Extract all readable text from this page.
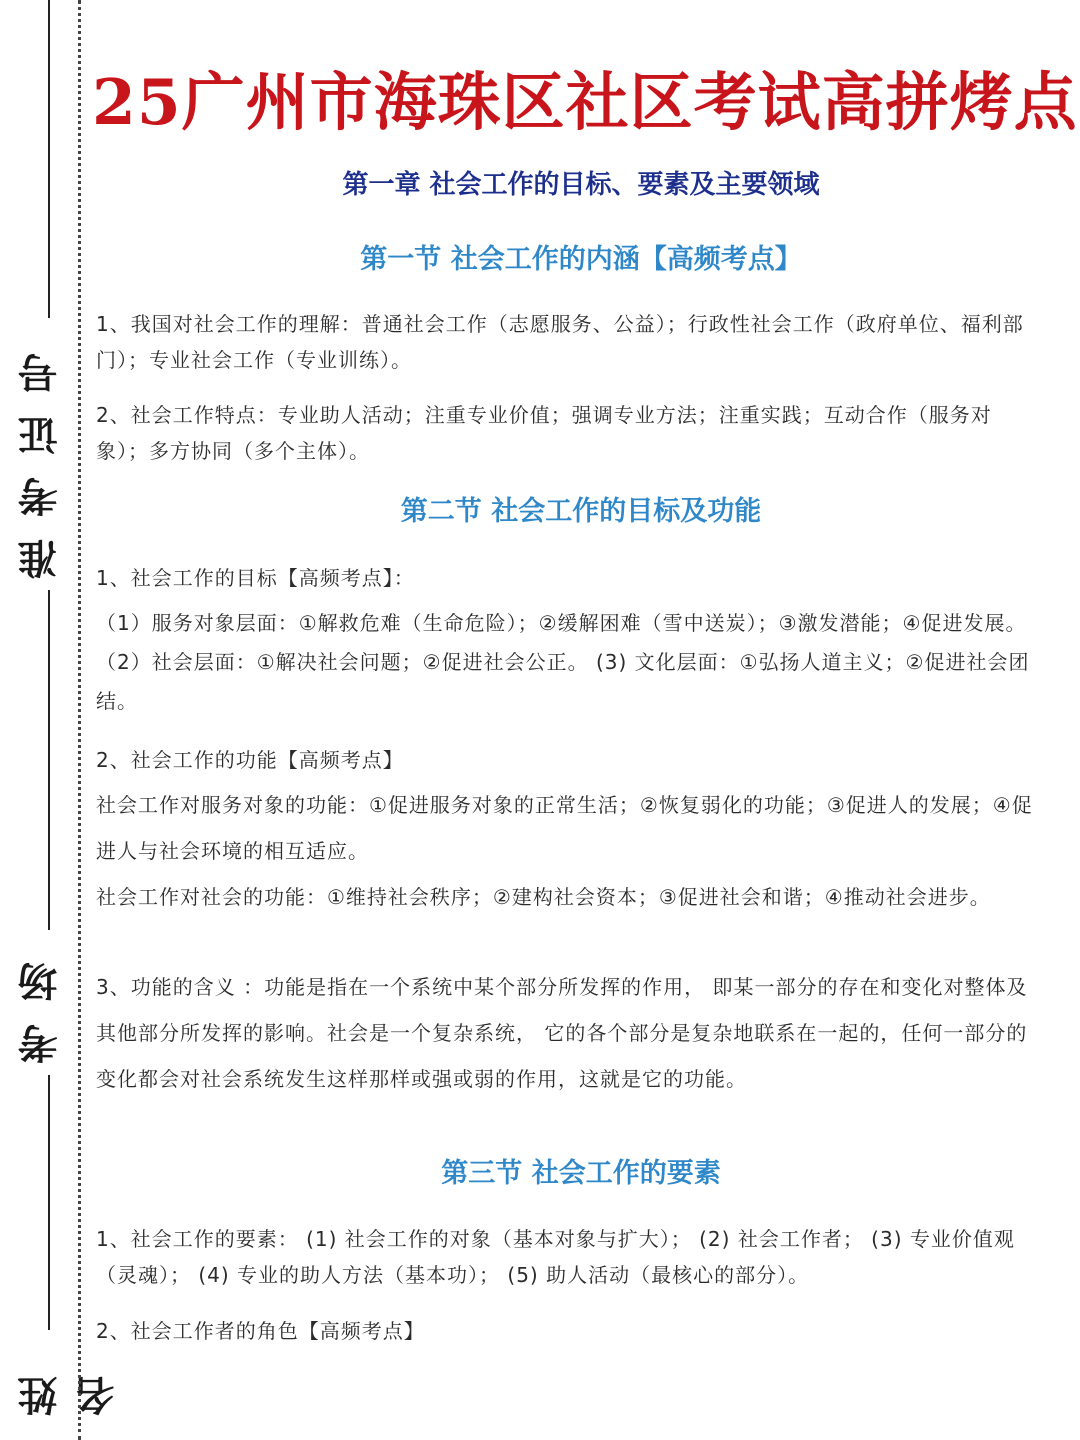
准考证号
考场
姓名
25广州市海珠区社区考试高拼烤点
第一章 社会工作的目标、要素及主要领域
第一节 社会工作的内涵【高频考点】
1、我国对社会工作的理解：普通社会工作（志愿服务、公益）；行政性社会工作（政府单位、福利部门）；专业社会工作（专业训练）。
2、社会工作特点：专业助人活动；注重专业价值；强调专业方法；注重实践；互动合作（服务对象）；多方协同（多个主体）。
第二节 社会工作的目标及功能
1、社会工作的目标【高频考点】：
（1）服务对象层面：①解救危难（生命危险）；②缓解困难（雪中送炭）；③激发潜能；④促进发展。 （2）社会层面：①解决社会问题；②促进社会公正。 (3) 文化层面：①弘扬人道主义；②促进社会团结。
2、社会工作的功能【高频考点】
社会工作对服务对象的功能：①促进服务对象的正常生活；②恢复弱化的功能；③促进人的发展；④促进人与社会环境的相互适应。
社会工作对社会的功能：①维持社会秩序；②建构社会资本；③促进社会和谐；④推动社会进步。
3、功能的含义 ：功能是指在一个系统中某个部分所发挥的作用， 即某一部分的存在和变化对整体及其他部分所发挥的影响。社会是一个复杂系统， 它的各个部分是复杂地联系在一起的，任何一部分的变化都会对社会系统发生这样那样或强或弱的作用，这就是它的功能。
第三节 社会工作的要素
1、社会工作的要素： (1) 社会工作的对象（基本对象与扩大）； (2) 社会工作者； (3) 专业价值观（灵魂）； (4) 专业的助人方法（基本功）； (5) 助人活动（最核心的部分）。
2、社会工作者的角色【高频考点】
